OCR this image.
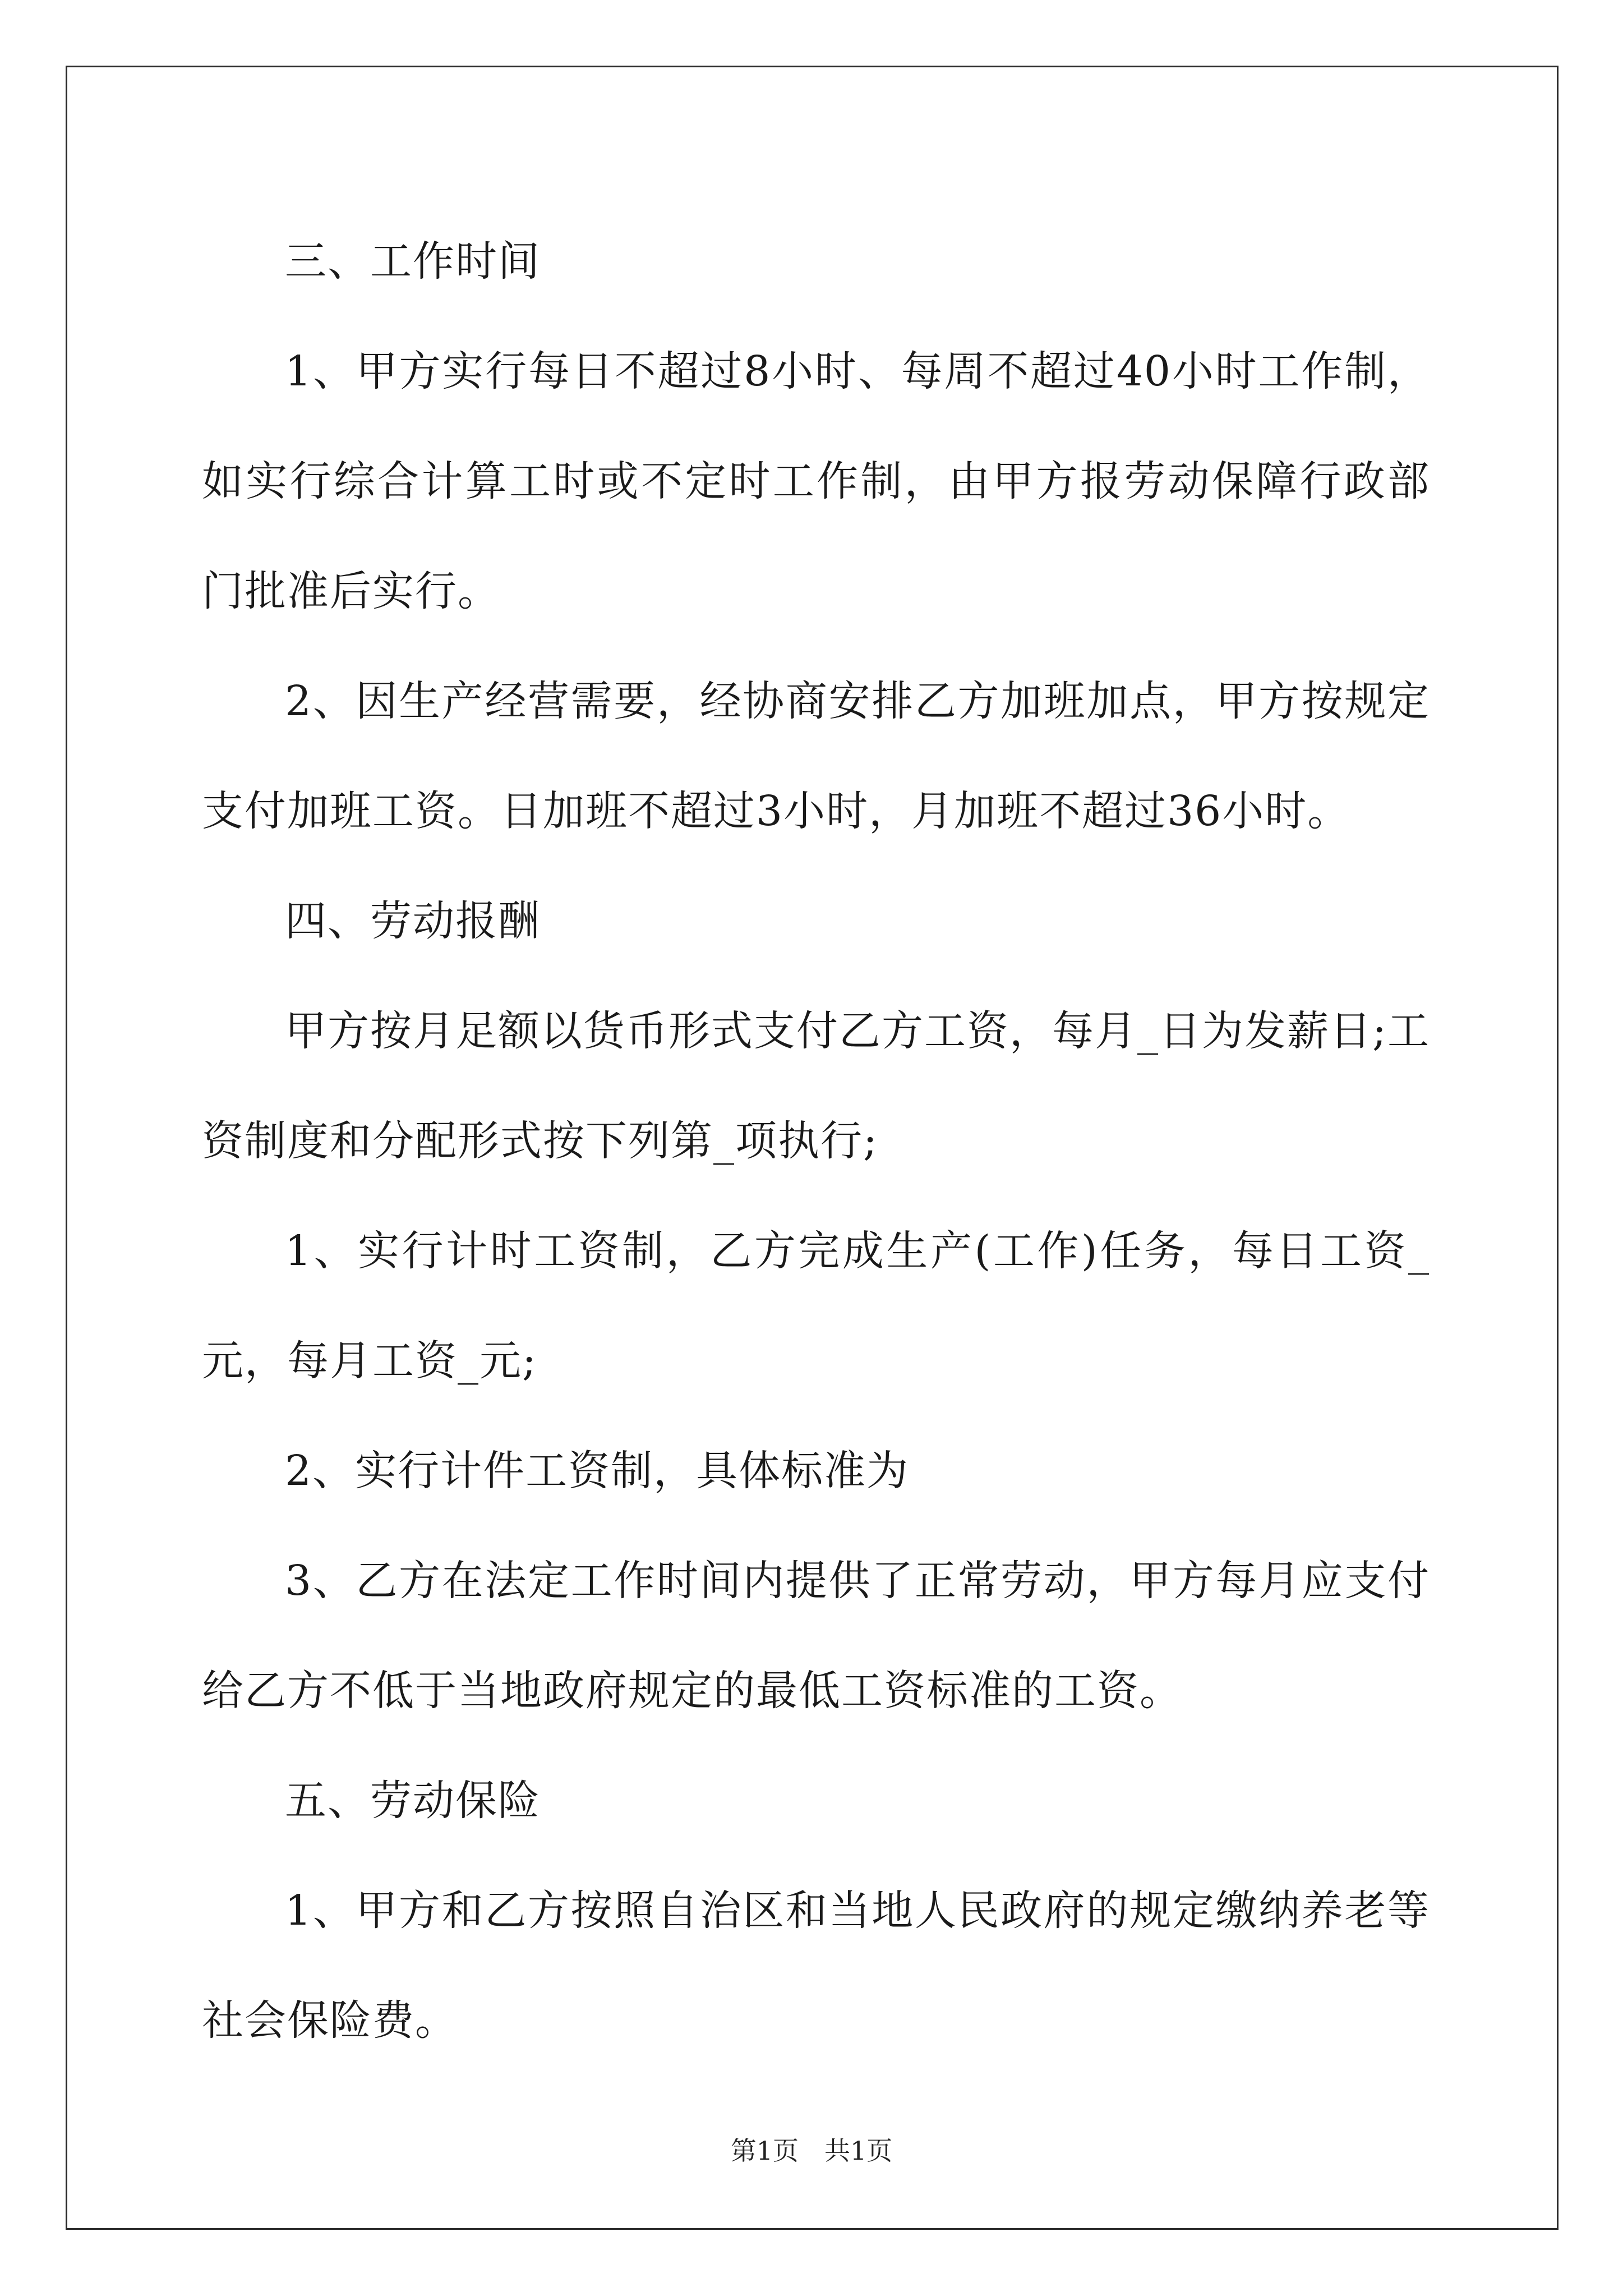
三、工作时间

1、甲方实行每日不超过8小时、每周不超过40小时工作制，如实行综合计算工时或不定时工作制，由甲方报劳动保障行政部门批准后实行。

2、因生产经营需要，经协商安排乙方加班加点，甲方按规定支付加班工资。日加班不超过3小时，月加班不超过36小时。

四、劳动报酬

甲方按月足额以货币形式支付乙方工资，每月_日为发薪日;工资制度和分配形式按下列第_项执行;

1、实行计时工资制，乙方完成生产(工作)任务，每日工资_元，每月工资_元;

2、实行计件工资制，具体标准为

3、乙方在法定工作时间内提供了正常劳动，甲方每月应支付给乙方不低于当地政府规定的最低工资标准的工资。

五、劳动保险

1、甲方和乙方按照自治区和当地人民政府的规定缴纳养老等社会保险费。

第1页 共1页
